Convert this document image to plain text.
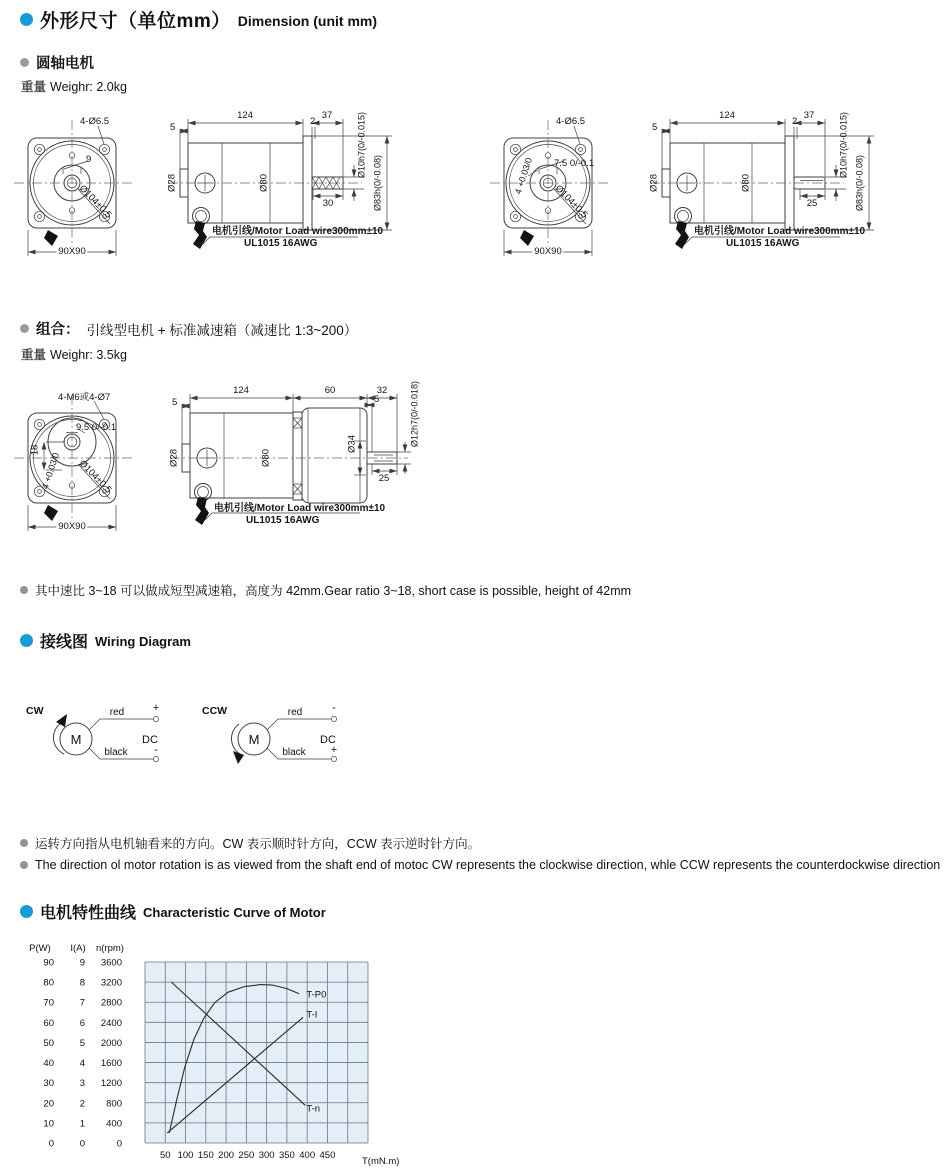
外形尺寸（单位mm） Dimension (unit mm)
圆轴电机
重量 Weighr: 2.0kg
4-Ø6.5
9
Ø104±0.5
90X90
124	37
5
2
Ø28	Ø80
Ø10h7(0/-0.015)
Ø83h(0/-0.08)
30
电机引线/Motor Load wire300mm±10
UL1015 16AWG
4-Ø6.5
7.5 0/-0.1
4 +0.03/0
Ø104±0.5
90X90
124	37
5
2
Ø28	Ø80
Ø10h7(0/-0.015)
Ø83h(0/-0.08)
25
电机引线/Motor Load wire300mm±10
UL1015 16AWG
组合： 引线型电机 + 标准减速箱（减速比 1:3~200）
重量 Weighr: 3.5kg
4-M6或4-Ø7
9.5 0/-0.1
18
4 +0.03/0 Ø104±0.5
90X90
124	60	32
5	5
Ø28	Ø80
Ø34	Ø12h7(0/-0.018)
25
电机引线/Motor Load wire300mm±10
UL1015 16AWG
其中速比 3~18 可以做成短型减速箱，高度为 42mm.Gear ratio 3~18, short case is possible, height of 42mm
接线图 Wiring Diagram
CW
M
red
black
+
-
DC
CCW
M
red
black
-
+
DC
运转方向指从电机轴看来的方向。CW 表示顺时针方向，CCW 表示逆时针方向。
The direction ol motor rotation is as viewed from the shaft end of motoc CW represents the clockwise direction, whle CCW represents the counterdockwise direction
电机特性曲线 Characteristic Curve of Motor
50 100 150 200 250 300 350 400 450
P(W)
90
80
70
60
50
40
30
20
10
0
I(A)
9
8
7
6
5
4
3
2
1
0
n(rpm)
3600
3200
2800
2400
2000
1600
1200
800
400
0
T-P0
T-I
T-n
T(mN.m)
